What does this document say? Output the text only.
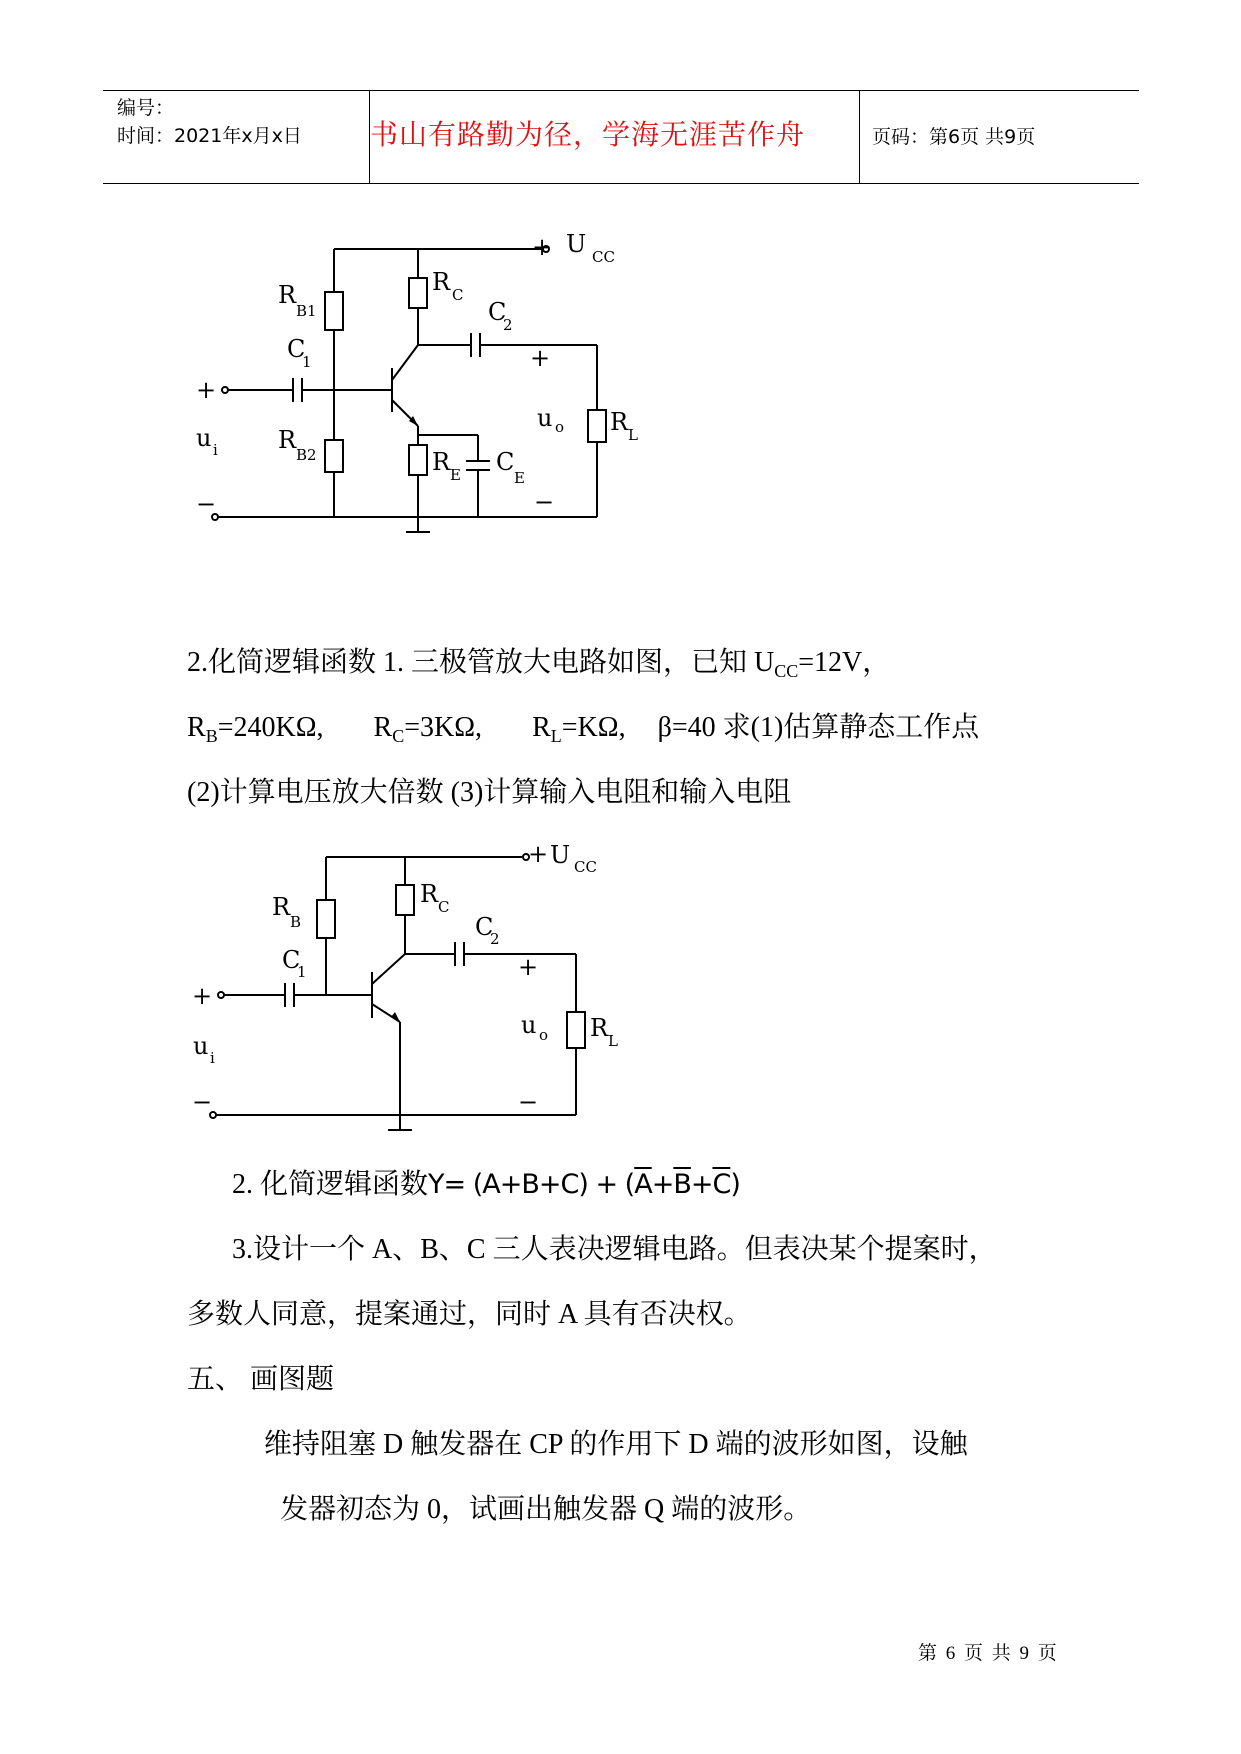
编号：
时间：2021年x月x日 书山有路勤为径，学海无涯苦作舟	页码：第6页 共9页
+ U CC
R
B1
R C
C
2
C
1
+
+
u i
u o R L
R
B2	R E C
E
−	−
2.化简逻辑函数 1. 三极管放大电路如图，已知 $U_{CC}=12V$，
$R_B=240K\Omega$, $R_C=3K\Omega$, $R_L=K\Omega$, β=40 求(1)估算静态工作点
(2)计算电压放大倍数 (3)计算输入电阻和输入电阻
+ U CC
R
B
R C
C
2
C
1
+
+
u i
u o R L
−	−
2. 化简逻辑函数$Y= (A+B+C) + (\overline{A}+\overline{B}+\overline{C})$
3.设计一个 A、B、C 三人表决逻辑电路。但表决某个提案时，
多数人同意，提案通过，同时 A 具有否决权。
五、 画图题
维持阻塞 D 触发器在 CP 的作用下 D 端的波形如图，设触
发器初态为 0，试画出触发器 Q 端的波形。
第 6 页 共 9 页
